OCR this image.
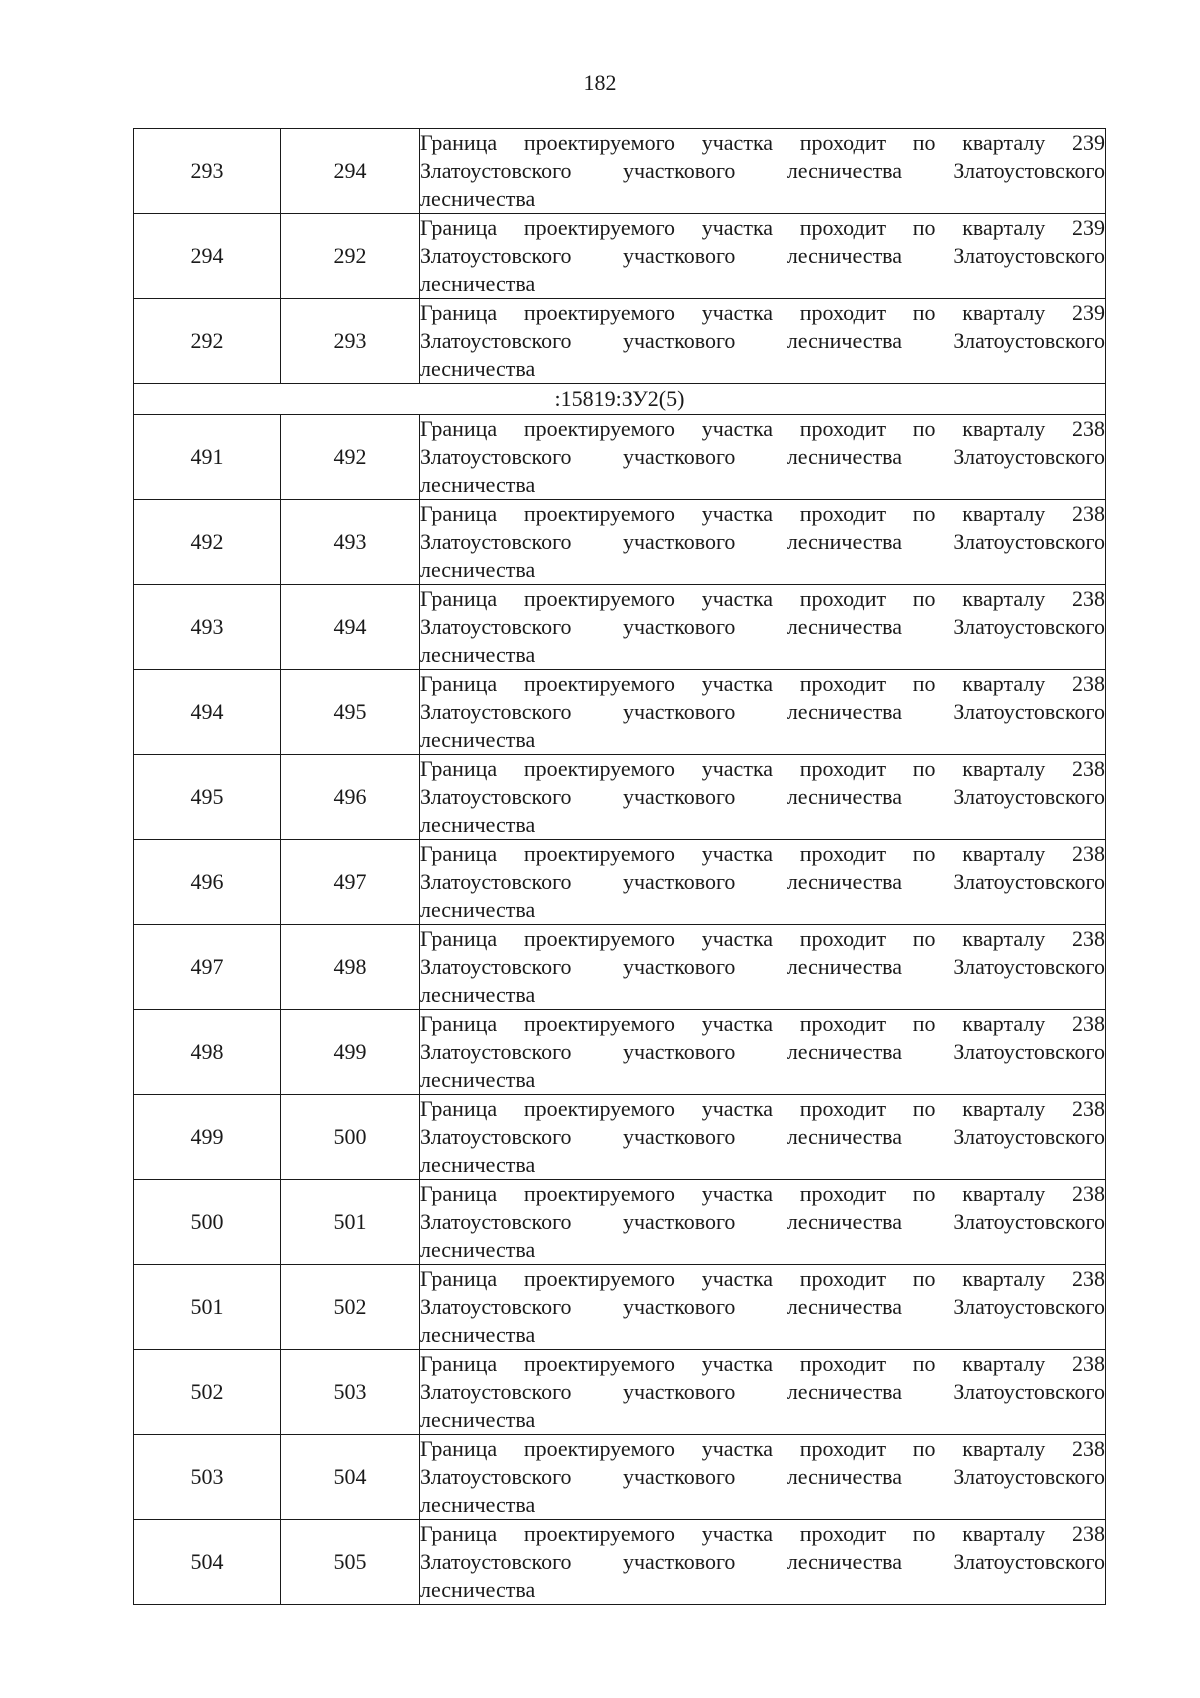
182
293	294	Граница проектируемого участка проходит по кварталу 239
Златоустовского участкового лесничества Златоустовского
лесничества

294	292	Граница проектируемого участка проходит по кварталу 239
Златоустовского участкового лесничества Златоустовского
лесничества

292	293	Граница проектируемого участка проходит по кварталу 239
Златоустовского участкового лесничества Златоустовского
лесничества

:15819:ЗУ2(5)		
491	492	Граница проектируемого участка проходит по кварталу 238
Златоустовского участкового лесничества Златоустовского
лесничества

492	493	Граница проектируемого участка проходит по кварталу 238
Златоустовского участкового лесничества Златоустовского
лесничества

493	494	Граница проектируемого участка проходит по кварталу 238
Златоустовского участкового лесничества Златоустовского
лесничества

494	495	Граница проектируемого участка проходит по кварталу 238
Златоустовского участкового лесничества Златоустовского
лесничества

495	496	Граница проектируемого участка проходит по кварталу 238
Златоустовского участкового лесничества Златоустовского
лесничества

496	497	Граница проектируемого участка проходит по кварталу 238
Златоустовского участкового лесничества Златоустовского
лесничества

497	498	Граница проектируемого участка проходит по кварталу 238
Златоустовского участкового лесничества Златоустовского
лесничества

498	499	Граница проектируемого участка проходит по кварталу 238
Златоустовского участкового лесничества Златоустовского
лесничества

499	500	Граница проектируемого участка проходит по кварталу 238
Златоустовского участкового лесничества Златоустовского
лесничества

500	501	Граница проектируемого участка проходит по кварталу 238
Златоустовского участкового лесничества Златоустовского
лесничества

501	502	Граница проектируемого участка проходит по кварталу 238
Златоустовского участкового лесничества Златоустовского
лесничества

502	503	Граница проектируемого участка проходит по кварталу 238
Златоустовского участкового лесничества Златоустовского
лесничества

503	504	Граница проектируемого участка проходит по кварталу 238
Златоустовского участкового лесничества Златоустовского
лесничества

504	505	Граница проектируемого участка проходит по кварталу 238
Златоустовского участкового лесничества Златоустовского
лесничества
